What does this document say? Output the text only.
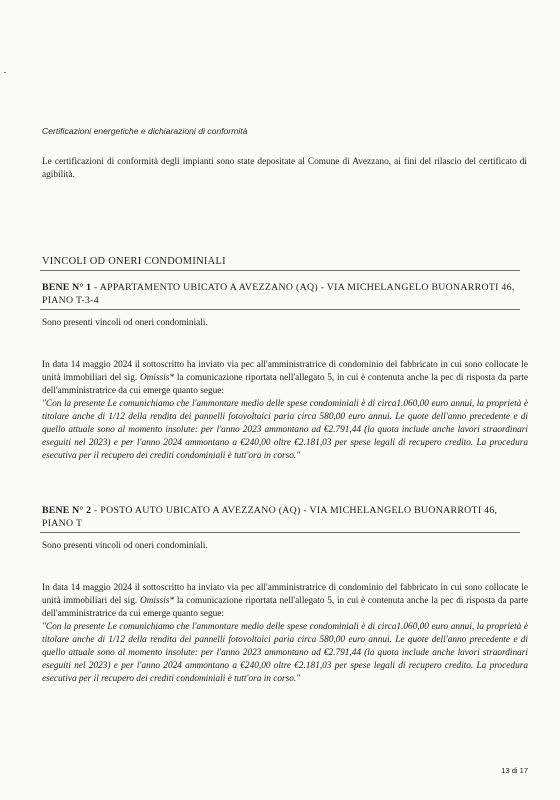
Certificazioni energetiche e dichiarazioni di conformità
Le certificazioni di conformità degli impianti sono state depositate al Comune di Avezzano, ai fini del rilascio del certificato di agibilità.
VINCOLI OD ONERI CONDOMINIALI
BENE N° 1 - APPARTAMENTO UBICATO A AVEZZANO (AQ) - VIA MICHELANGELO BUONARROTI 46, PIANO T-3-4
Sono presenti vincoli od oneri condominiali.
In data 14 maggio 2024 il sottoscritto ha inviato via pec all'amministratrice di condominio del fabbricato in cui sono collocate le unità immobiliari del sig. Omissis* la comunicazione riportata nell'allegato 5, in cui è contenuta anche la pec di risposta da parte dell'amministratrice da cui emerge quanto segue:
"Con la presente Le comunichiamo che l'ammontare medio delle spese condominiali è di circa1.060,00 euro annui, la proprietà è titolare anche di 1/12 della rendita dei pannelli fotovoltaici paria circa 580,00 euro annui. Le quote dell'anno precedente e di quello attuale sono al momento insolute: per l'anno 2023 ammontano ad €2.791,44 (la quota include anche lavori straordinari eseguiti nel 2023) e per l'anno 2024 ammontano a €240,00 oltre €2.181,03 per spese legali di recupero credito. La procedura esecutiva per il recupero dei crediti condominiali è tutt'ora in corso."
BENE N° 2 - POSTO AUTO UBICATO A AVEZZANO (AQ) - VIA MICHELANGELO BUONARROTI 46, PIANO T
Sono presenti vincoli od oneri condominiali.
In data 14 maggio 2024 il sottoscritto ha inviato via pec all'amministratrice di condominio del fabbricato in cui sono collocate le unità immobiliari del sig. Omissis* la comunicazione riportata nell'allegato 5, in cui è contenuta anche la pec di risposta da parte dell'amministratrice da cui emerge quanto segue:
"Con la presente Le comunichiamo che l'ammontare medio delle spese condominiali è di circa1.060,00 euro annui, la proprietà è titolare anche di 1/12 della rendita dei pannelli fotovoltaici paria circa 580,00 euro annui. Le quote dell'anno precedente e di quello attuale sono al momento insolute: per l'anno 2023 ammontano ad €2.791,44 (la quota include anche lavori straordinari eseguiti nel 2023) e per l'anno 2024 ammontano a €240,00 oltre €2.181,03 per spese legali di recupero credito. La procedura esecutiva per il recupero dei crediti condominiali è tutt'ora in corso."
13 di 17
